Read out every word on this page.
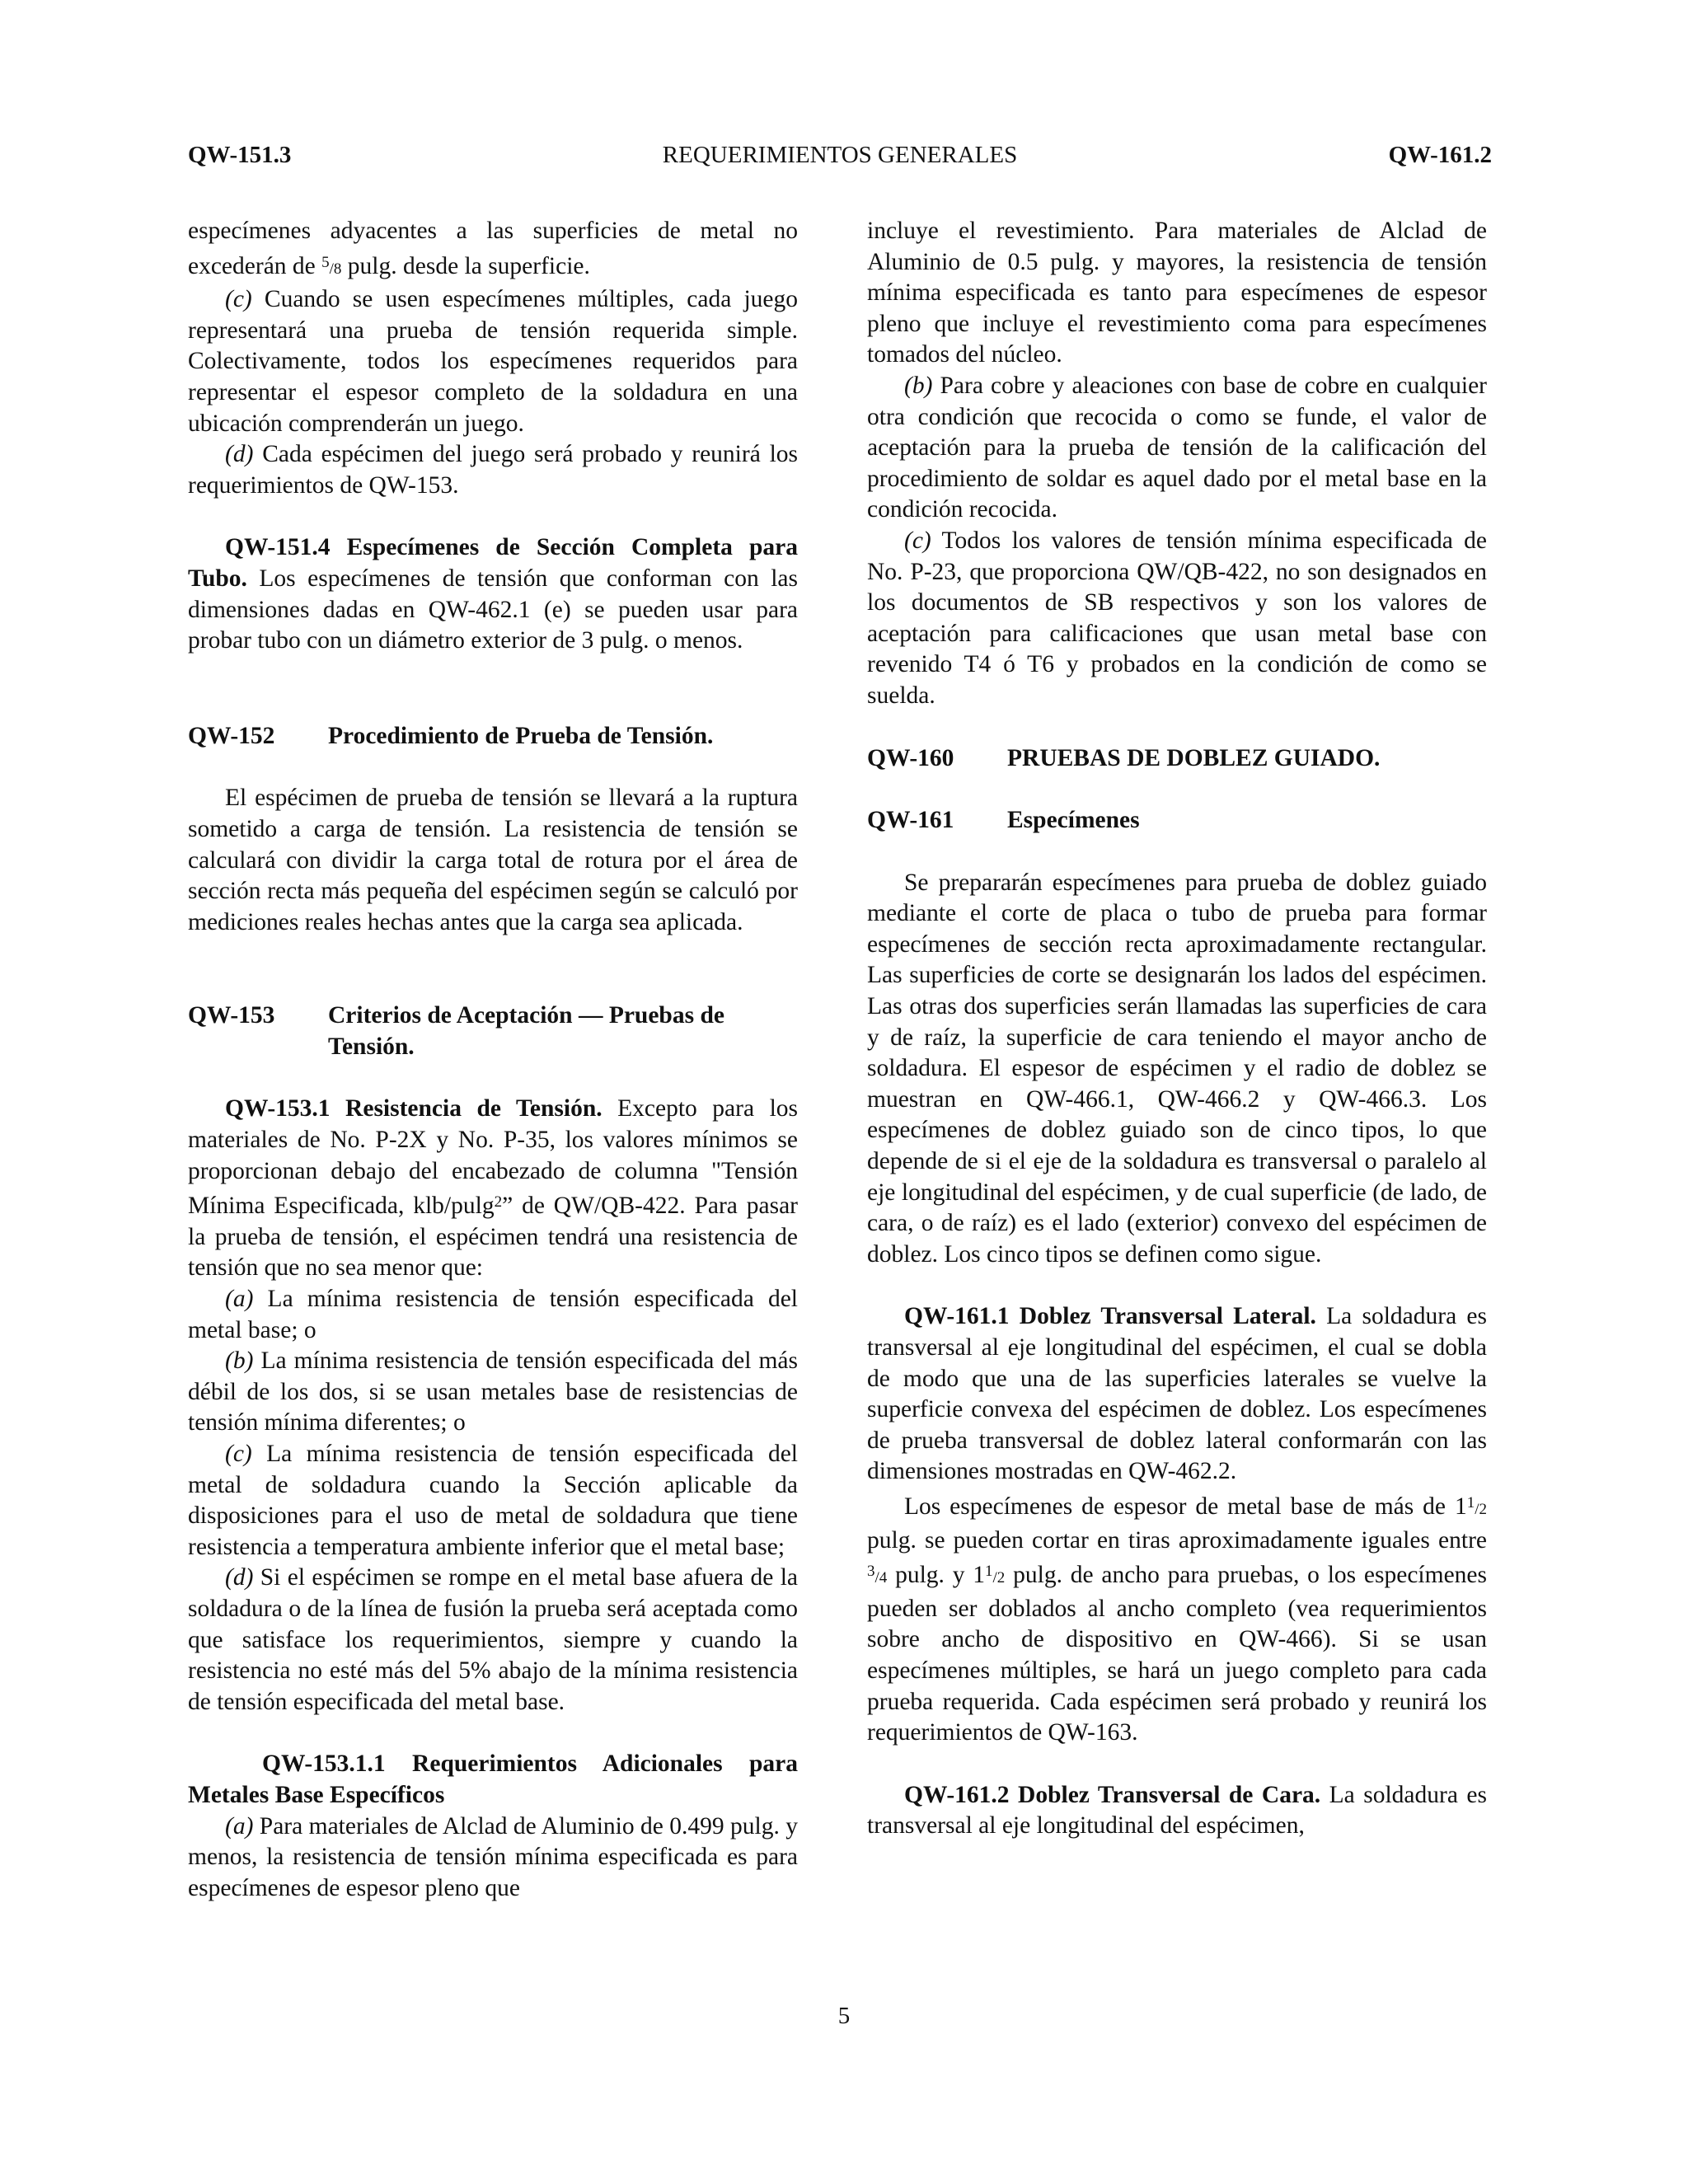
QW-151.3	REQUERIMIENTOS GENERALES	QW-161.2

especímenes adyacentes a las superficies de metal no excederán de $^5$/8 pulg. desde la superficie.

(c) Cuando se usen especímenes múltiples, cada juego representará una prueba de tensión requerida simple. Colectivamente, todos los especímenes requeridos para representar el espesor completo de la soldadura en una ubicación comprenderán un juego.

(d) Cada espécimen del juego será probado y reunirá los requerimientos de QW-153.

QW-151.4 Especímenes de Sección Completa para Tubo. Los especímenes de tensión que conforman con las dimensiones dadas en QW-462.1 (e) se pueden usar para probar tubo con un diámetro exterior de 3 pulg. o menos.

QW-152	Procedimiento de Prueba de Tensión.

El espécimen de prueba de tensión se llevará a la ruptura sometido a carga de tensión. La resistencia de tensión se calculará con dividir la carga total de rotura por el área de sección recta más pequeña del espécimen según se calculó por mediciones reales hechas antes que la carga sea aplicada.

QW-153	Criterios de Aceptación — Pruebas de Tensión.

QW-153.1 Resistencia de Tensión. Excepto para los materiales de No. P-2X y No. P-35, los valores mínimos se proporcionan debajo del encabezado de columna "Tensión Mínima Especificada, klb/pulg$^2$” de QW/QB-422. Para pasar la prueba de tensión, el espécimen tendrá una resistencia de tensión que no sea menor que:

(a) La mínima resistencia de tensión especificada del metal base; o

(b) La mínima resistencia de tensión especificada del más débil de los dos, si se usan metales base de resistencias de tensión mínima diferentes; o

(c) La mínima resistencia de tensión especificada del metal de soldadura cuando la Sección aplicable da disposiciones para el uso de metal de soldadura que tiene resistencia a temperatura ambiente inferior que el metal base;

(d) Si el espécimen se rompe en el metal base afuera de la soldadura o de la línea de fusión la prueba será aceptada como que satisface los requerimientos, siempre y cuando la resistencia no esté más del 5% abajo de la mínima resistencia de tensión especificada del metal base.

QW-153.1.1 Requerimientos Adicionales para Metales Base Específicos

(a) Para materiales de Alclad de Aluminio de 0.499 pulg. y menos, la resistencia de tensión mínima especificada es para especímenes de espesor pleno que

incluye el revestimiento. Para materiales de Alclad de Aluminio de 0.5 pulg. y mayores, la resistencia de tensión mínima especificada es tanto para especímenes de espesor pleno que incluye el revestimiento coma para especímenes tomados del núcleo.

(b) Para cobre y aleaciones con base de cobre en cualquier otra condición que recocida o como se funde, el valor de aceptación para la prueba de tensión de la calificación del procedimiento de soldar es aquel dado por el metal base en la condición recocida.

(c) Todos los valores de tensión mínima especificada de No. P-23, que proporciona QW/QB-422, no son designados en los documentos de SB respectivos y son los valores de aceptación para calificaciones que usan metal base con revenido T4 ó T6 y probados en la condición de como se suelda.

QW-160	PRUEBAS DE DOBLEZ GUIADO.
QW-161	Especímenes

Se prepararán especímenes para prueba de doblez guiado mediante el corte de placa o tubo de prueba para formar especímenes de sección recta aproximadamente rectangular. Las superficies de corte se designarán los lados del espécimen. Las otras dos superficies serán llamadas las superficies de cara y de raíz, la superficie de cara teniendo el mayor ancho de soldadura. El espesor de espécimen y el radio de doblez se muestran en QW-466.1, QW-466.2 y QW-466.3. Los especímenes de doblez guiado son de cinco tipos, lo que depende de si el eje de la soldadura es transversal o paralelo al eje longitudinal del espécimen, y de cual superficie (de lado, de cara, o de raíz) es el lado (exterior) convexo del espécimen de doblez. Los cinco tipos se definen como sigue.

QW-161.1 Doblez Transversal Lateral. La soldadura es transversal al eje longitudinal del espécimen, el cual se dobla de modo que una de las superficies laterales se vuelve la superficie convexa del espécimen de doblez. Los especímenes de prueba transversal de doblez lateral conformarán con las dimensiones mostradas en QW-462.2.

Los especímenes de espesor de metal base de más de $1^1/2$ pulg. se pueden cortar en tiras aproximadamente iguales entre $^3$/4 pulg. y $1^1/2$ pulg. de ancho para pruebas, o los especímenes pueden ser doblados al ancho completo (vea requerimientos sobre ancho de dispositivo en QW-466). Si se usan especímenes múltiples, se hará un juego completo para cada prueba requerida. Cada espécimen será probado y reunirá los requerimientos de QW-163.

QW-161.2 Doblez Transversal de Cara. La soldadura es transversal al eje longitudinal del espécimen,

5
